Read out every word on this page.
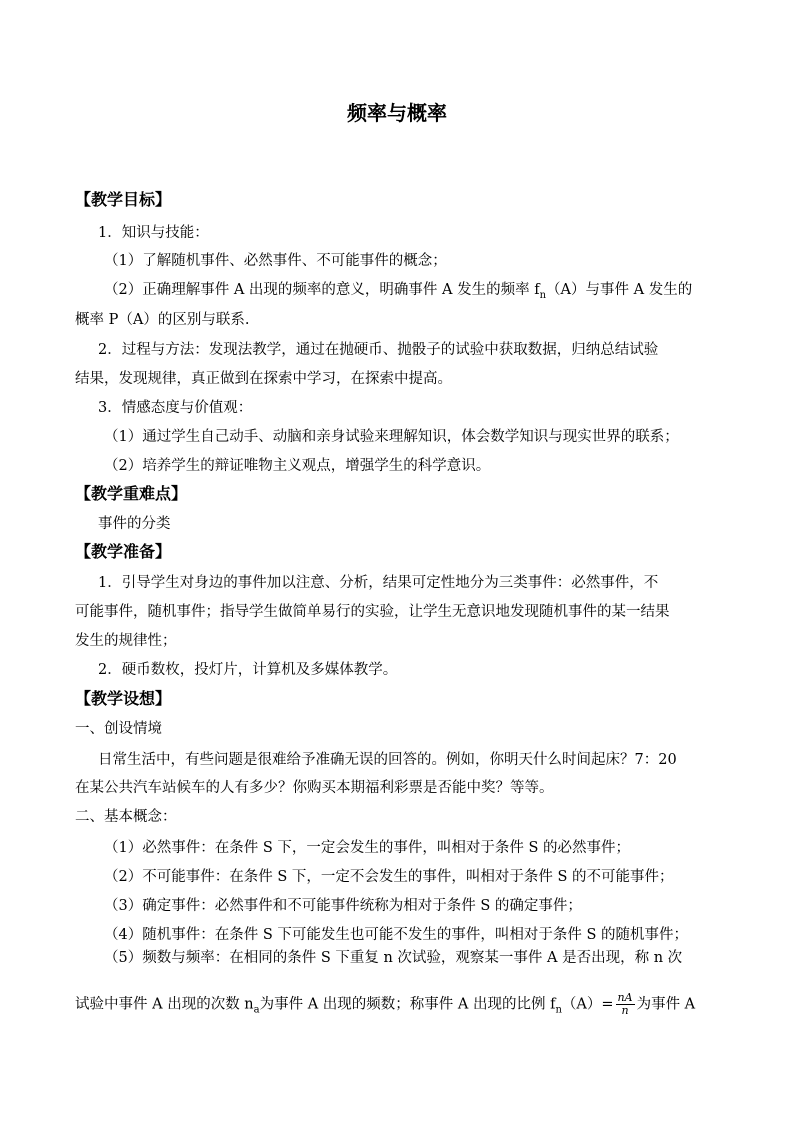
频率与概率
【教学目标】
1．知识与技能：
（1）了解随机事件、必然事件、不可能事件的概念；
（2）正确理解事件 A 出现的频率的意义，明确事件 A 发生的频率 $f_n(A)$与事件 A 发生的
概率 P（A）的区别与联系.
2．过程与方法：发现法教学，通过在抛硬币、抛骰子的试验中获取数据，归纳总结试验
结果，发现规律，真正做到在探索中学习，在探索中提高。
3．情感态度与价值观：
（1）通过学生自己动手、动脑和亲身试验来理解知识，体会数学知识与现实世界的联系；
（2）培养学生的辩证唯物主义观点，增强学生的科学意识。
【教学重难点】
事件的分类
【教学准备】
1．引导学生对身边的事件加以注意、分析，结果可定性地分为三类事件：必然事件，不
可能事件，随机事件；指导学生做简单易行的实验，让学生无意识地发现随机事件的某一结果
发生的规律性；
2．硬币数枚，投灯片，计算机及多媒体教学。
【教学设想】
一、创设情境
日常生活中，有些问题是很难给予准确无误的回答的。例如，你明天什么时间起床？7：20
在某公共汽车站候车的人有多少？你购买本期福利彩票是否能中奖？等等。
二、基本概念：
（1）必然事件：在条件 S 下，一定会发生的事件，叫相对于条件 S 的必然事件；
（2）不可能事件：在条件 S 下，一定不会发生的事件，叫相对于条件 S 的不可能事件；
（3）确定事件：必然事件和不可能事件统称为相对于条件 S 的确定事件；
（4）随机事件：在条件 S 下可能发生也可能不发生的事件，叫相对于条件 S 的随机事件；
（5）频数与频率：在相同的条件 S 下重复 n 次试验，观察某一事件 A 是否出现，称 n 次
试验中事件 A 出现的次数 $n_a$为事件 A 出现的频数；称事件 A 出现的比例 $f_n(A)= \frac{nA}{n}$ 为事件 A
